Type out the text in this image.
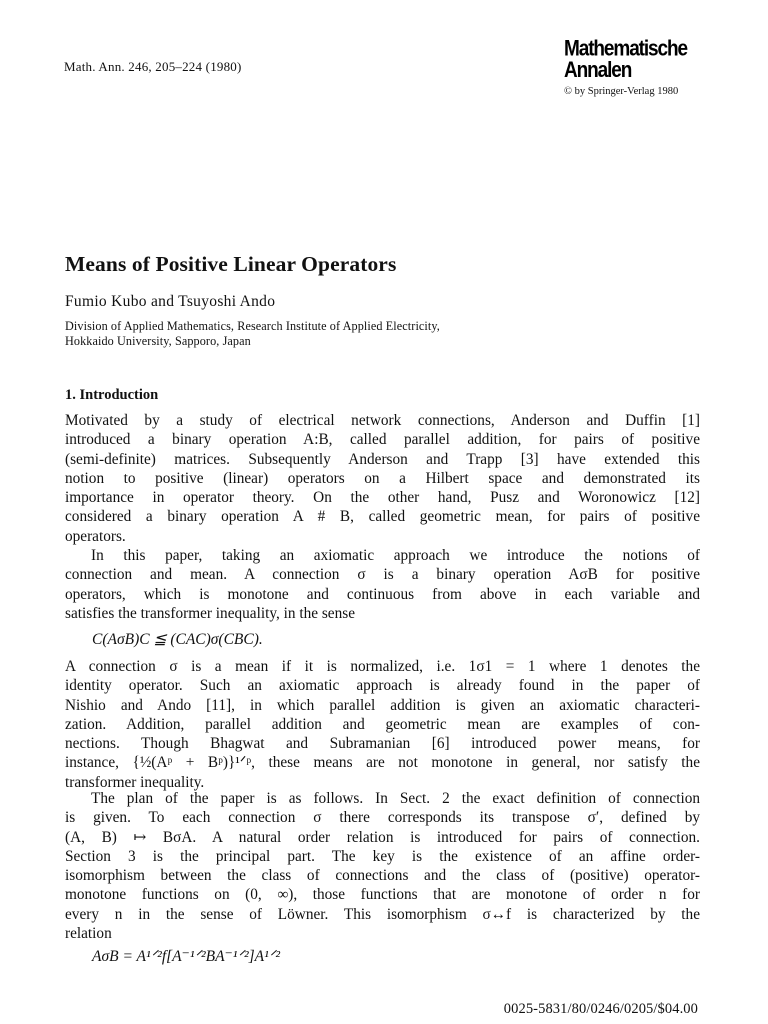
Math. Ann. 246, 205–224 (1980)
Mathematische
Annalen
© by Springer-Verlag 1980
Means of Positive Linear Operators
Fumio Kubo and Tsuyoshi Ando
Division of Applied Mathematics, Research Institute of Applied Electricity,
Hokkaido University, Sapporo, Japan
1. Introduction
Motivated by a study of electrical network connections, Anderson and Duffin [1]
introduced a binary operation A:B, called parallel addition, for pairs of positive
(semi-definite) matrices. Subsequently Anderson and Trapp [3] have extended this
notion to positive (linear) operators on a Hilbert space and demonstrated its
importance in operator theory. On the other hand, Pusz and Woronowicz [12]
considered a binary operation A # B, called geometric mean, for pairs of positive
operators.
In this paper, taking an axiomatic approach we introduce the notions of
connection and mean. A connection σ is a binary operation AσB for positive
operators, which is monotone and continuous from above in each variable and
satisfies the transformer inequality, in the sense
C(AσB)C ≦ (CAC)σ(CBC).
A connection σ is a mean if it is normalized, i.e. 1σ1 = 1 where 1 denotes the
identity operator. Such an axiomatic approach is already found in the paper of
Nishio and Ando [11], in which parallel addition is given an axiomatic characteri-
zation. Addition, parallel addition and geometric mean are examples of con-
nections. Though Bhagwat and Subramanian [6] introduced power means, for
instance, {½(Aᵖ + Bᵖ)}¹ᐟᵖ, these means are not monotone in general, nor satisfy the
transformer inequality.
The plan of the paper is as follows. In Sect. 2 the exact definition of connection
is given. To each connection σ there corresponds its transpose σ′, defined by
(A, B) ↦ BσA. A natural order relation is introduced for pairs of connection.
Section 3 is the principal part. The key is the existence of an affine order-
isomorphism between the class of connections and the class of (positive) operator-
monotone functions on (0, ∞), those functions that are monotone of order n for
every n in the sense of Löwner. This isomorphism σ↔f is characterized by the
relation
AσB = A¹ᐟ²f[A⁻¹ᐟ²BA⁻¹ᐟ²]A¹ᐟ²
0025-5831/80/0246/0205/$04.00
